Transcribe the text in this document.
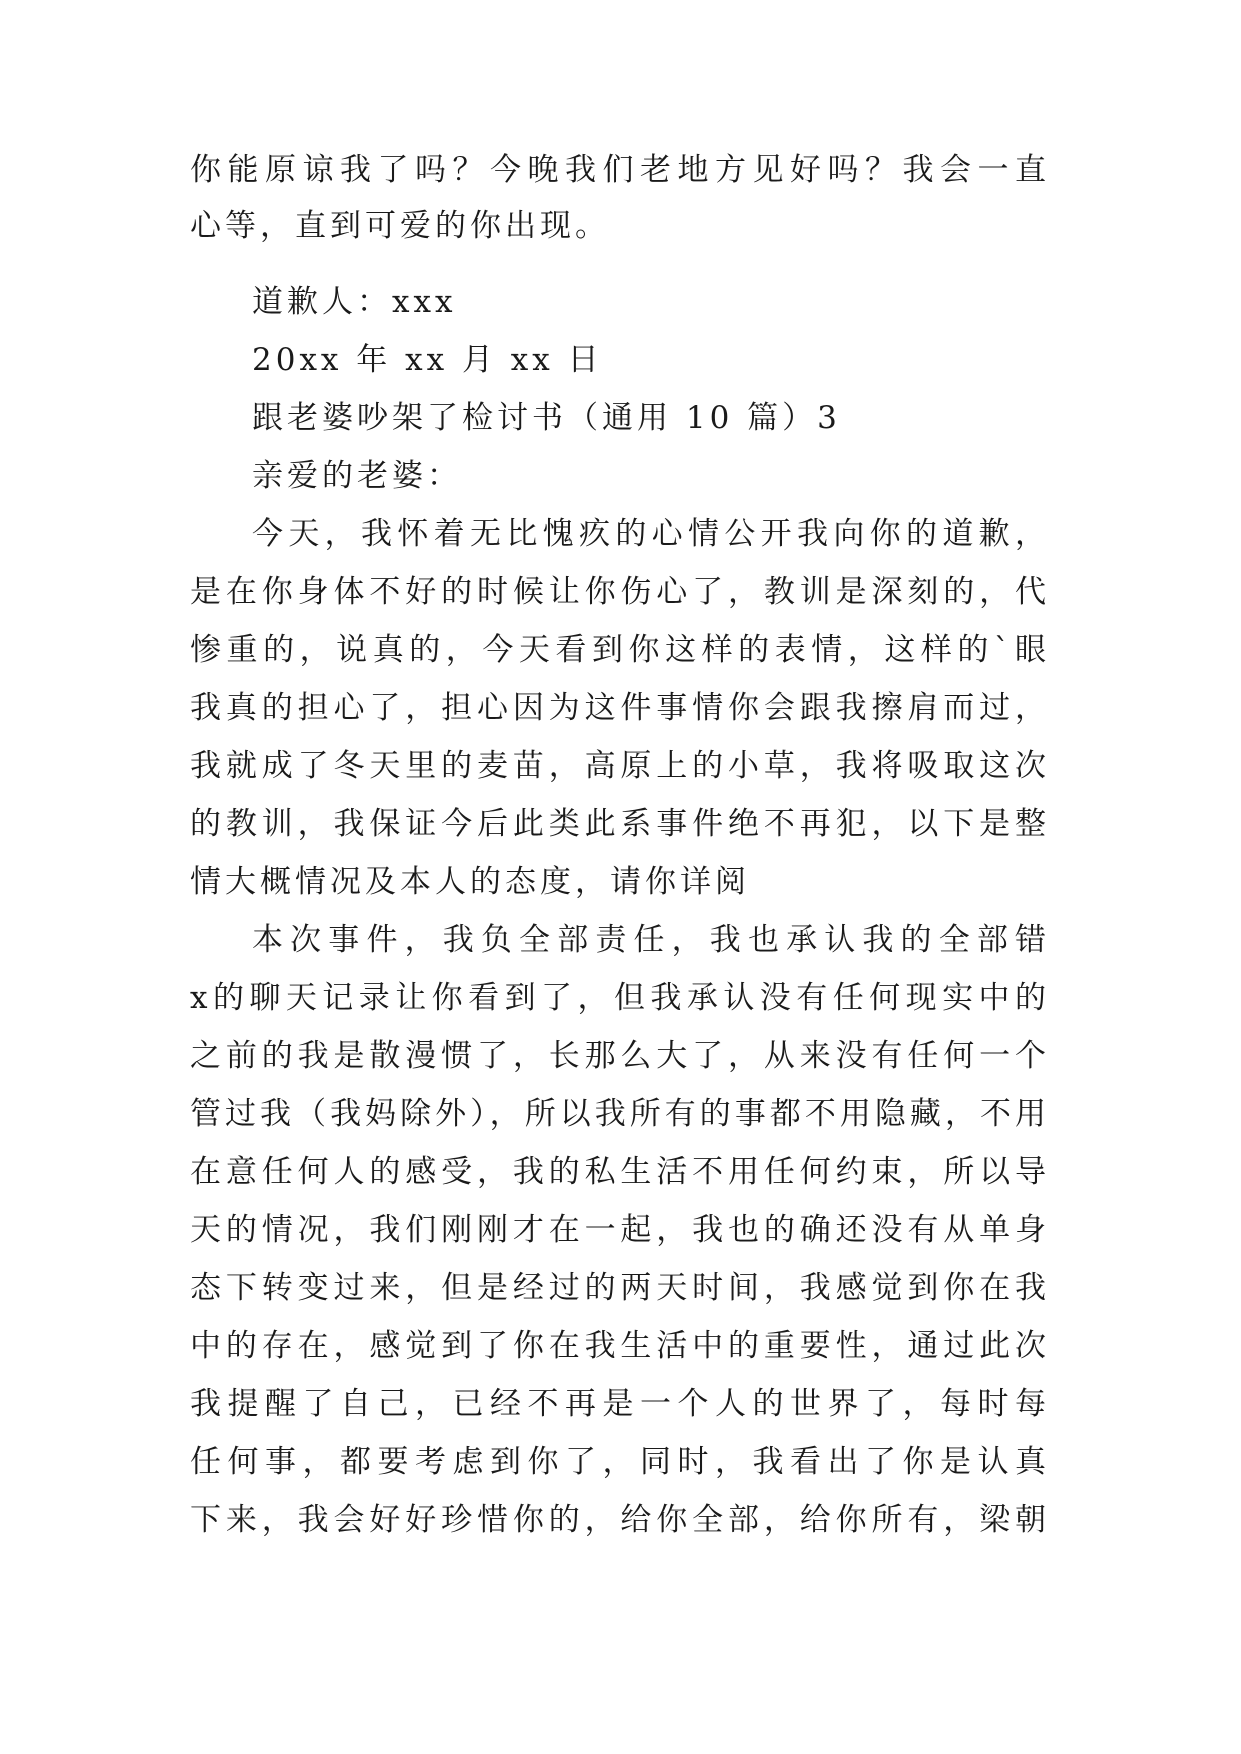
你能原谅我了吗？今晚我们老地方见好吗？我会一直
心等，直到可爱的你出现。
道歉人：xxx
20xx 年 xx 月 xx 日
跟老婆吵架了检讨书（通用 10 篇）3
亲爱的老婆：
今天，我怀着无比愧疚的心情公开我向你的道歉，
是在你身体不好的时候让你伤心了，教训是深刻的，代
惨重的，说真的，今天看到你这样的表情，这样的`眼
我真的担心了，担心因为这件事情你会跟我擦肩而过，
我就成了冬天里的麦苗，高原上的小草，我将吸取这次
的教训，我保证今后此类此系事件绝不再犯，以下是整
情大概情况及本人的态度，请你详阅
本次事件，我负全部责任，我也承认我的全部错
x的聊天记录让你看到了，但我承认没有任何现实中的
之前的我是散漫惯了，长那么大了，从来没有任何一个
管过我（我妈除外），所以我所有的事都不用隐藏，不用
在意任何人的感受，我的私生活不用任何约束，所以导
天的情况，我们刚刚才在一起，我也的确还没有从单身
态下转变过来，但是经过的两天时间，我感觉到你在我
中的存在，感觉到了你在我生活中的重要性，通过此次
我提醒了自己，已经不再是一个人的世界了，每时每
任何事，都要考虑到你了，同时，我看出了你是认真
下来，我会好好珍惜你的，给你全部，给你所有，梁朝
